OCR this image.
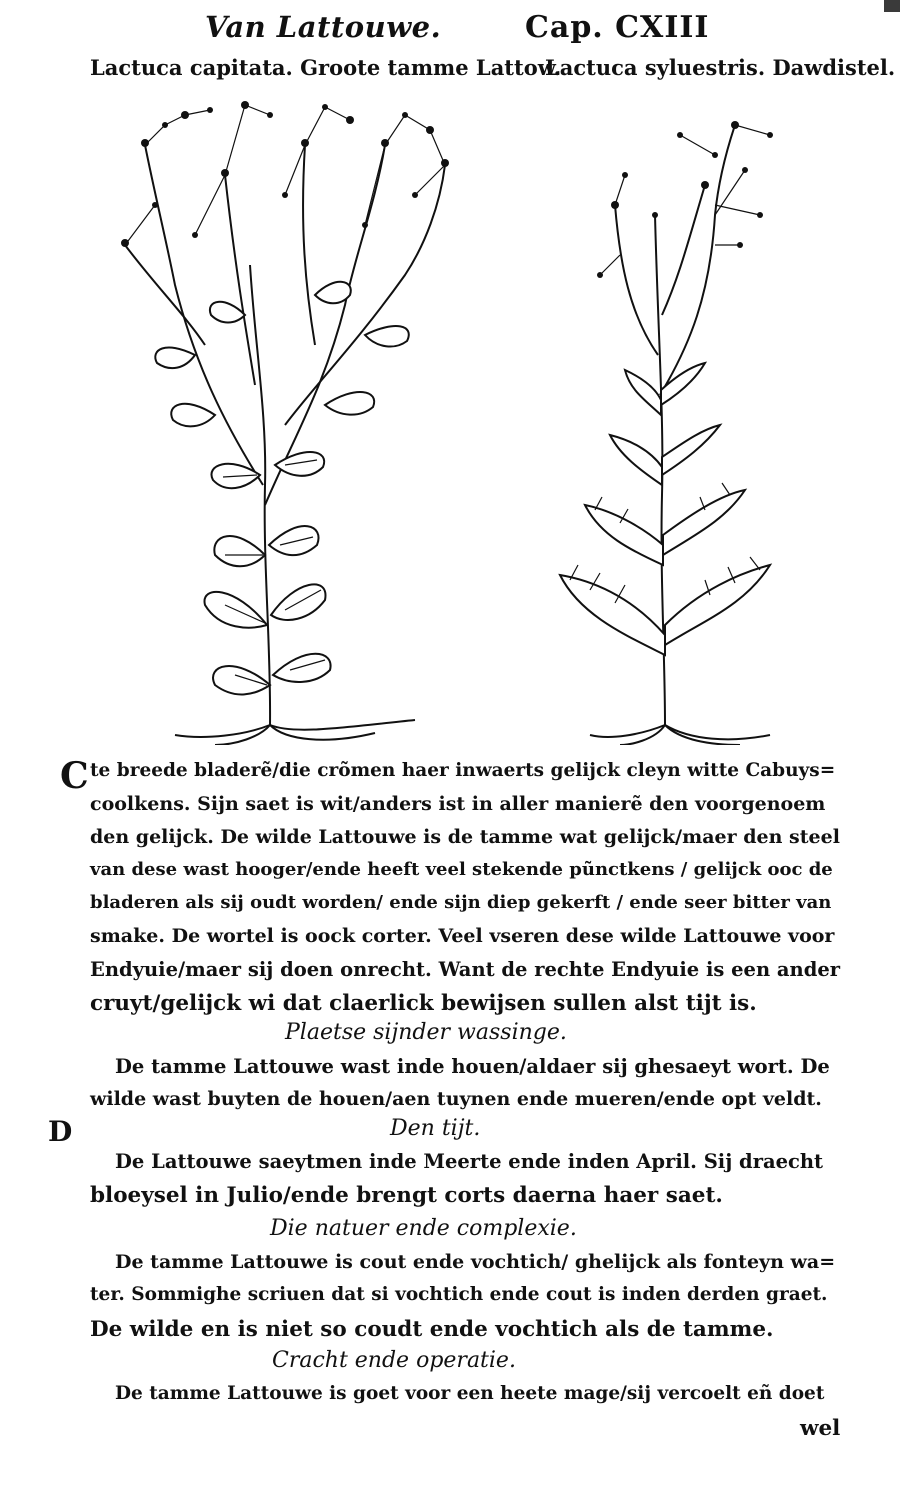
Van Lattouwe.	Cap. CXIII
Lactuca capitata. Groote tamme Lattow.
Lactuca syluestris. Dawdistel.
C te breede bladerẽ/die crõmen haer inwaerts gelijck cleyn witte Cabuys=
coolkens. Sijn saet is wit/anders ist in aller manierẽ den voorgenoem
den gelijck. De wilde Lattouwe is de tamme wat gelijck/maer den steel
van dese wast hooger/ende heeft veel stekende pũnctkens / gelijck ooc de
bladeren als sij oudt worden/ ende sijn diep gekerft / ende seer bitter van
smake. De wortel is oock corter. Veel vseren dese wilde Lattouwe voor
Endyuie/maer sij doen onrecht. Want de rechte Endyuie is een ander
cruyt/gelijck wi dat claerlick bewijsen sullen alst tijt is.
Plaetse sijnder wassinge.
De tamme Lattouwe wast inde houen/aldaer sij ghesaeyt wort. De
wilde wast buyten de houen/aen tuynen ende mueren/ende opt veldt.
D	Den tijt.
De Lattouwe saeytmen inde Meerte ende inden April. Sij draecht
bloeysel in Julio/ende brengt corts daerna haer saet.
Die natuer ende complexie.
De tamme Lattouwe is cout ende vochtich/ ghelijck als fonteyn wa=
ter. Sommighe scriuen dat si vochtich ende cout is inden derden graet.
De wilde en is niet so coudt ende vochtich als de tamme.
Cracht ende operatie.
De tamme Lattouwe is goet voor een heete mage/sij vercoelt eñ doet
wel
